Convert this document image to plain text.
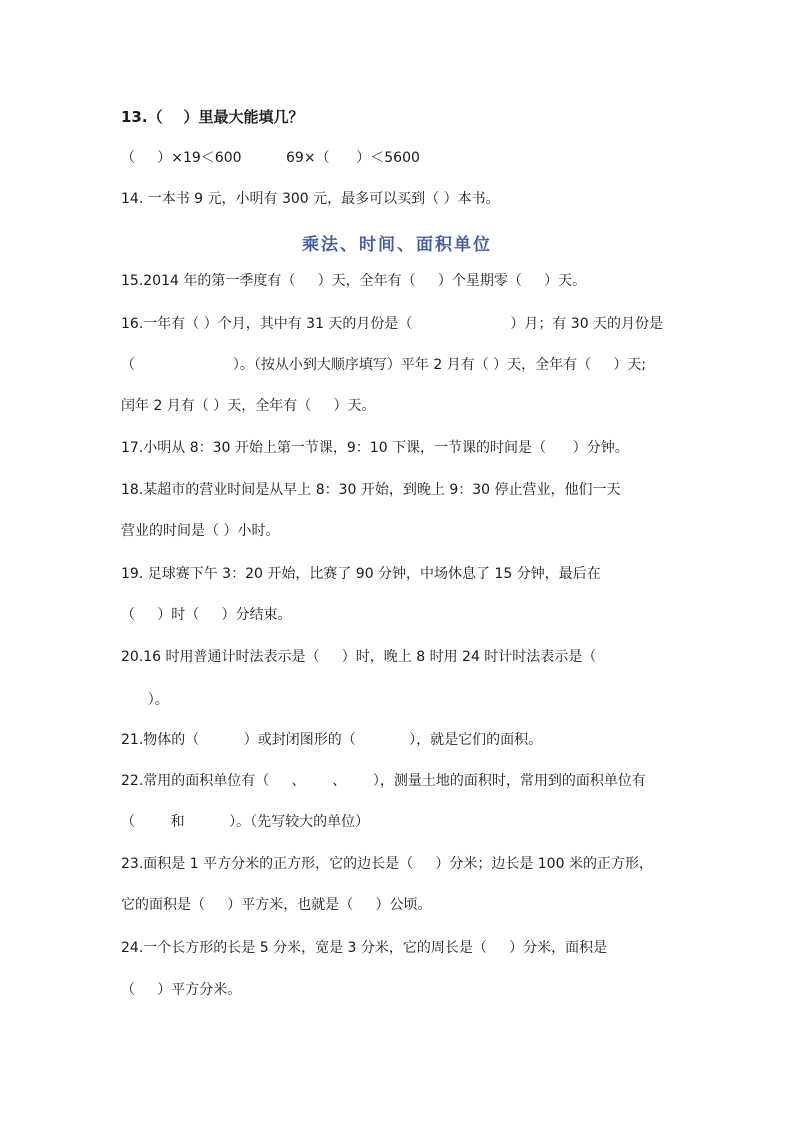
13.（    ）里最大能填几？
（     ）×19＜600          69×（      ）＜5600
14. 一本书 9 元，小明有 300 元，最多可以买到（ ）本书。
乘法、时间、面积单位
15.2014 年的第一季度有（     ）天，全年有（     ）个星期零（     ）天。
16.一年有（ ）个月，其中有 31 天的月份是（                      ）月；有 30 天的月份是
（                      ）。（按从小到大顺序填写）平年 2 月有（ ）天，全年有（     ）天;
闰年 2 月有（ ）天，全年有（     ）天。
17.小明从 8：30 开始上第一节课，9：10 下课，一节课的时间是（      ）分钟。
18.某超市的营业时间是从早上 8：30 开始，到晚上 9：30 停止营业，他们一天
营业的时间是（ ）小时。
19. 足球赛下午 3：20 开始，比赛了 90 分钟，中场休息了 15 分钟，最后在
（     ）时（     ）分结束。
20.16 时用普通计时法表示是（     ）时，晚上 8 时用 24 时计时法表示是（
）。
21.物体的（          ）或封闭图形的（            ），就是它们的面积。
22.常用的面积单位有（     、      、      ），测量土地的面积时，常用到的面积单位有
（        和          ）。（先写较大的单位）
23.面积是 1 平方分米的正方形，它的边长是（     ）分米；边长是 100 米的正方形，
它的面积是（     ）平方米，也就是（     ）公顷。
24.一个长方形的长是 5 分米，宽是 3 分米，它的周长是（     ）分米，面积是
（     ）平方分米。
